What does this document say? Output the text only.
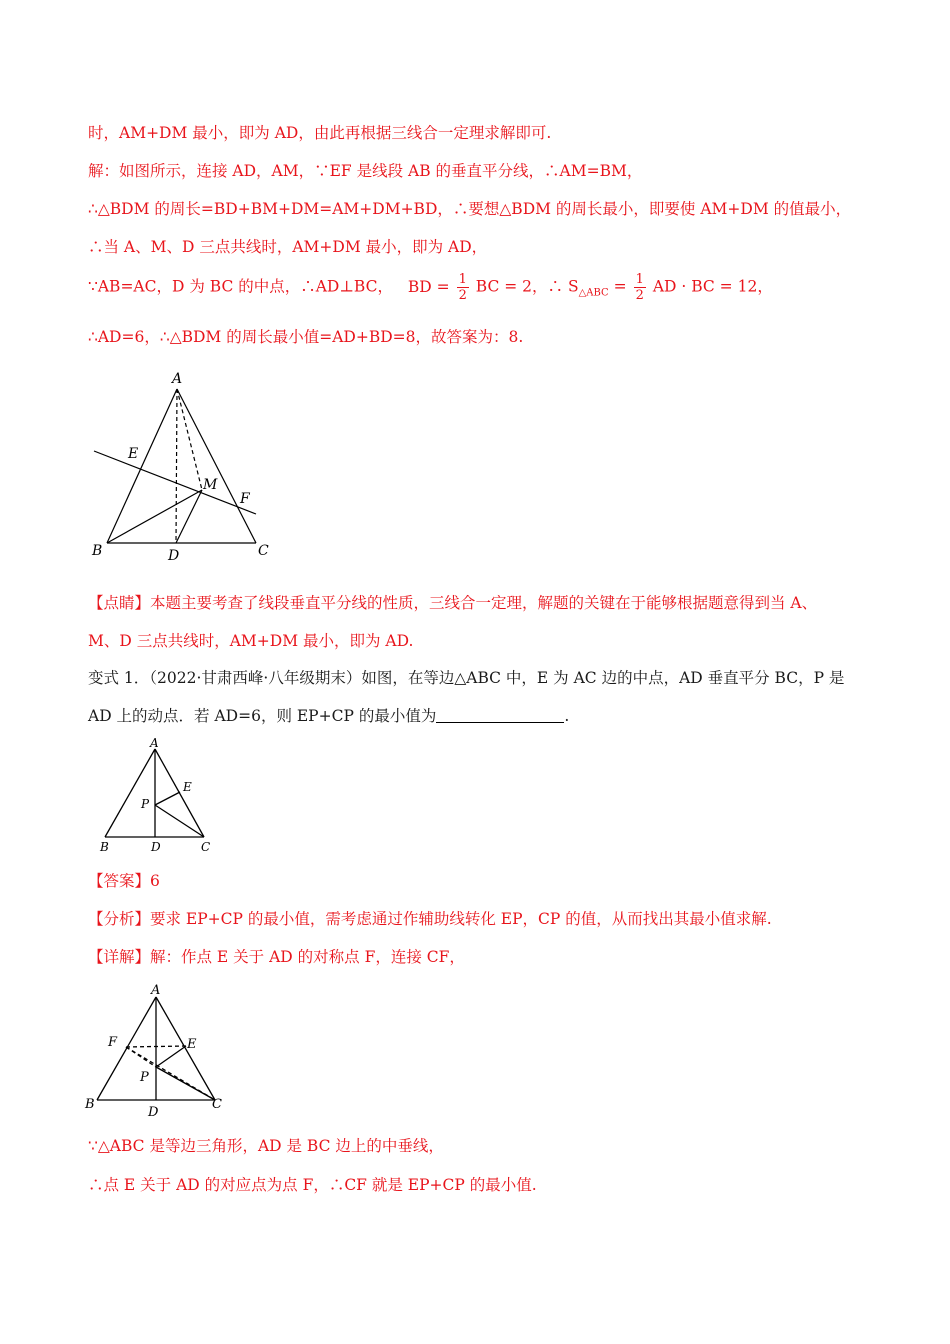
时，AM+DM 最小，即为 AD，由此再根据三线合一定理求解即可.
解：如图所示，连接 AD，AM，∵EF 是线段 AB 的垂直平分线，∴AM=BM，
∴△BDM 的周长=BD+BM+DM=AM+DM+BD，∴要想△BDM 的周长最小，即要使 AM+DM 的值最小，
∴当 A、M、D 三点共线时，AM+DM 最小，即为 AD，
∵AB=AC，D 为 BC 的中点，∴AD⊥BC， BD = $\frac{1}{2}$ BC = 2，∴ $S_{\triangle ABC} = \frac{1}{2}$ AD · BC = 12，
∴AD=6，∴△BDM 的周长最小值=AD+BD=8，故答案为：8.
A
B	C
D
E
F
M
【点睛】本题主要考查了线段垂直平分线的性质，三线合一定理，解题的关键在于能够根据题意得到当 A、
M、D 三点共线时，AM+DM 最小，即为 AD.
变式 1．（2022·甘肃西峰·八年级期末）如图，在等边△ABC 中，E 为 AC 边的中点，AD 垂直平分 BC，P 是
AD 上的动点．若 AD=6，则 EP+CP 的最小值为	.
A
B	C
D
E
P
【答案】6
【分析】要求 EP+CP 的最小值，需考虑通过作辅助线转化 EP，CP 的值，从而找出其最小值求解.
【详解】解：作点 E 关于 AD 的对称点 F，连接 CF，
A
B	C
D
E
F
P
∵△ABC 是等边三角形，AD 是 BC 边上的中垂线，
∴点 E 关于 AD 的对应点为点 F，∴CF 就是 EP+CP 的最小值.
